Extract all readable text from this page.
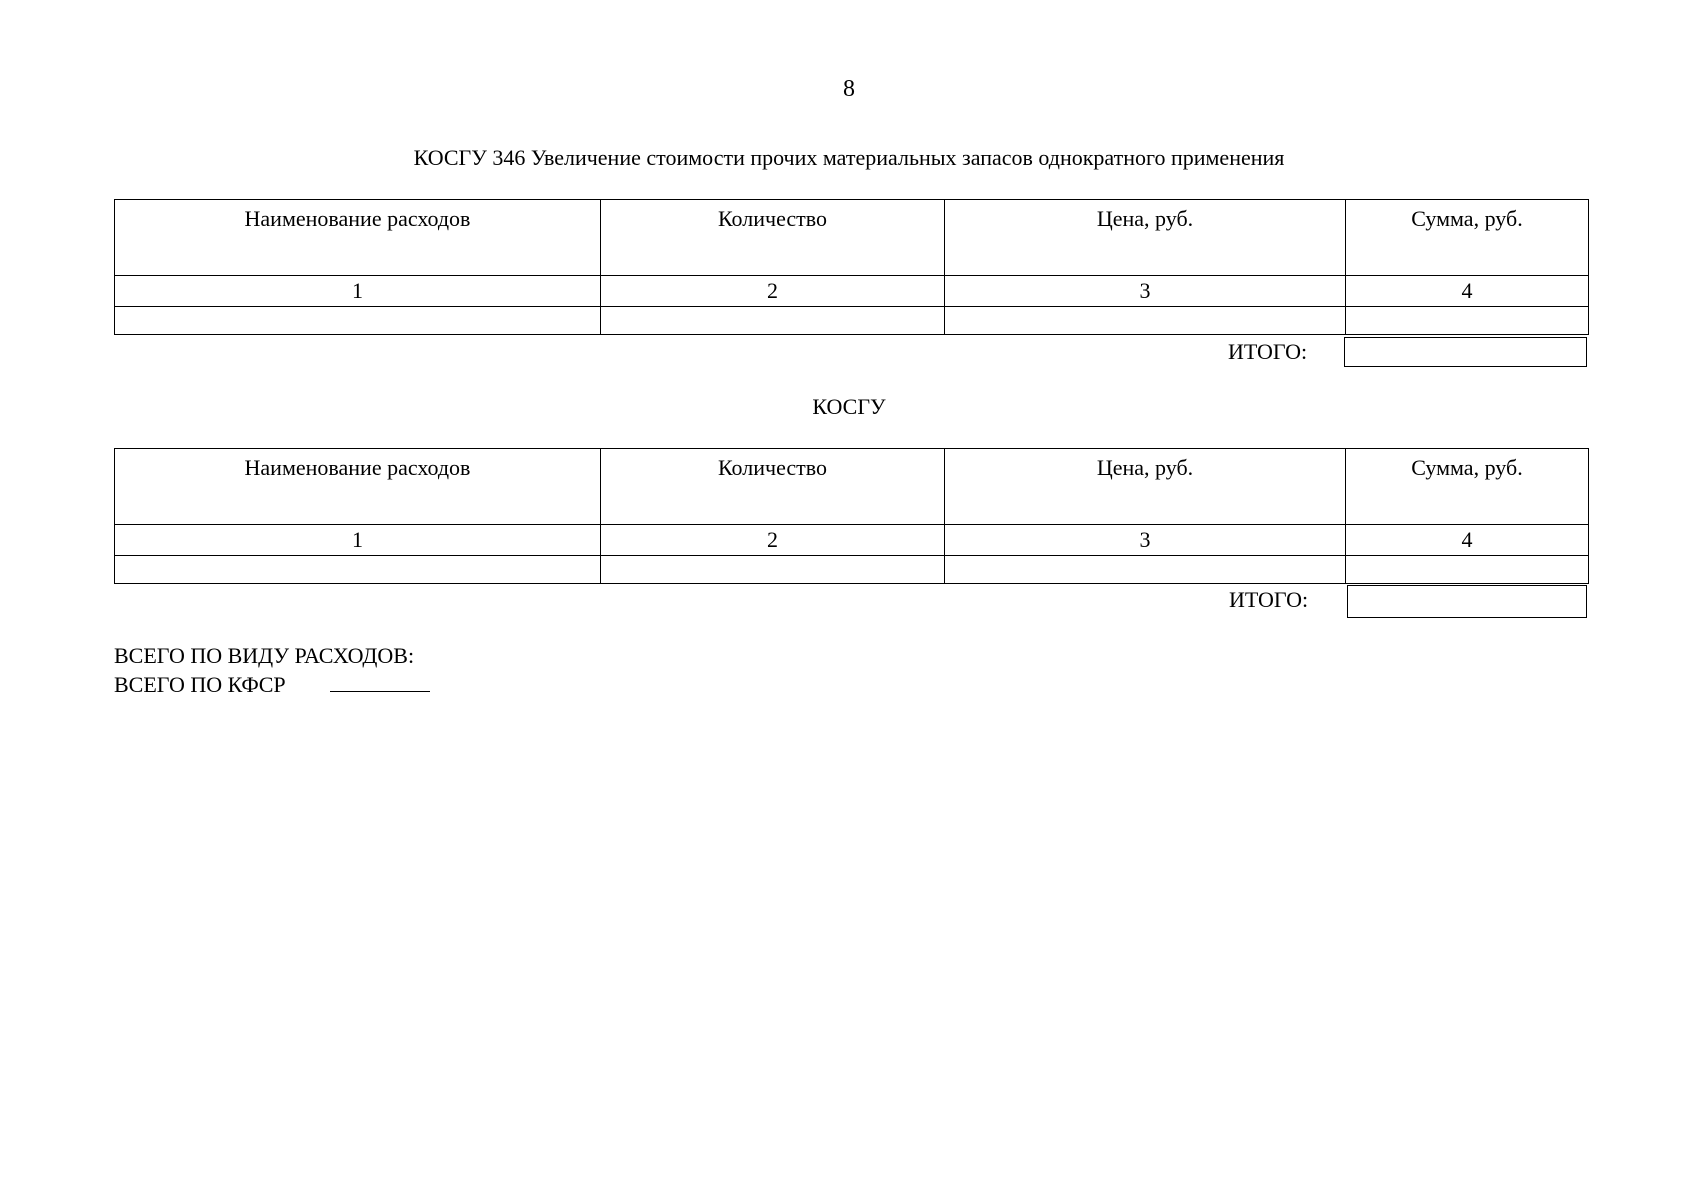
8
КОСГУ 346 Увеличение стоимости прочих материальных запасов однократного применения
Наименование расходов	Количество	Цена, руб.	Сумма, руб.
1	2	3	4

ИТОГО:
КОСГУ
Наименование расходов	Количество	Цена, руб.	Сумма, руб.
1	2	3	4

ИТОГО:
ВСЕГО ПО ВИДУ РАСХОДОВ:
ВСЕГО ПО КФСР
